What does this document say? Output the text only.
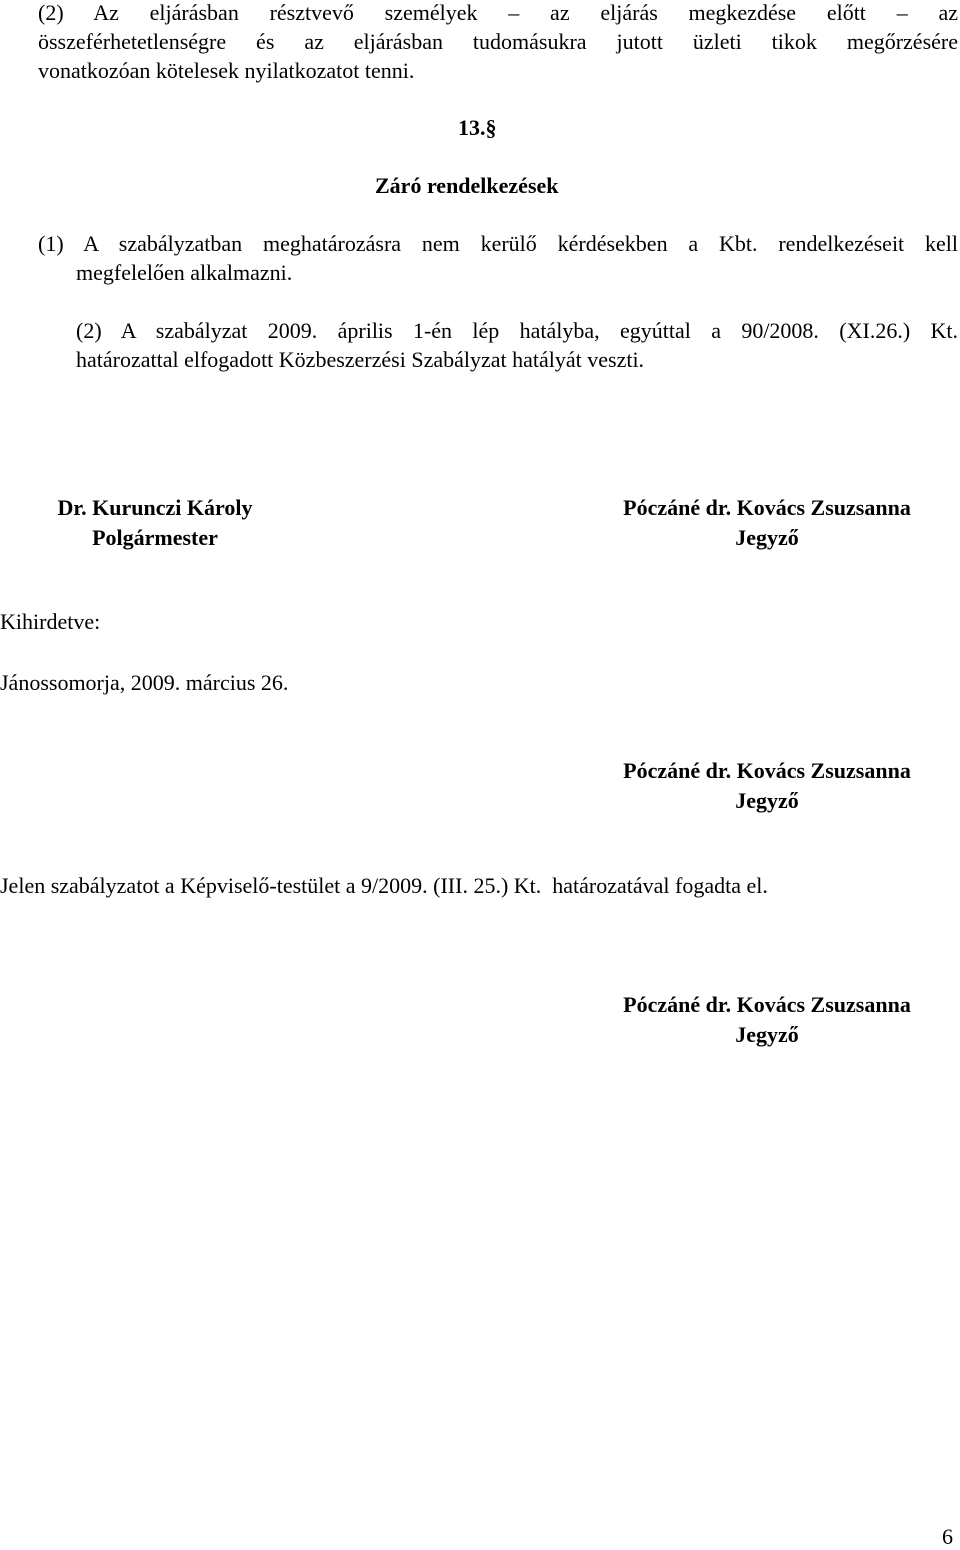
(2) Az eljárásban résztvevő személyek – az eljárás megkezdése előtt – az
összeférhetetlenségre és az eljárásban tudomásukra jutott üzleti tikok megőrzésére
vonatkozóan kötelesek nyilatkozatot tenni.
13.§
Záró rendelkezések
(1) A szabályzatban meghatározásra nem kerülő kérdésekben a Kbt. rendelkezéseit kell
megfelelően alkalmazni.
(2) A szabályzat 2009. április 1-én lép hatályba, egyúttal a 90/2008. (XI.26.) Kt.
határozattal elfogadott Közbeszerzési Szabályzat hatályát veszti.
Dr. Kurunczi Károly
Polgármester
Póczáné dr. Kovács Zsuzsanna
Jegyző
Kihirdetve:
Jánossomorja, 2009. március 26.
Póczáné dr. Kovács Zsuzsanna
Jegyző
Jelen szabályzatot a Képviselő-testület a 9/2009. (III. 25.) Kt.  határozatával fogadta el.
Póczáné dr. Kovács Zsuzsanna
Jegyző
6
